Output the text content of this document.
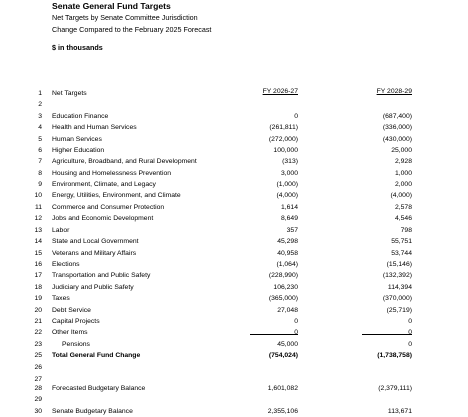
Senate General Fund Targets
Net Targets by Senate Committee Jurisdiction
Change Compared to the February 2025 Forecast
$ in thousands
FY 2026-27	FY 2028-29
1 Net Targets
2
3 Education Finance	0	(687,400)
4 Health and Human Services	(261,811)	(336,000)
5 Human Services	(272,000)	(430,000)
6 Higher Education	100,000	25,000
7 Agriculture, Broadband, and Rural Development	(313)	2,928
8 Housing and Homelessness Prevention	3,000	1,000
9 Environment, Climate, and Legacy	(1,000)	2,000
10 Energy, Utilities, Environment, and Climate	(4,000)	(4,000)
11 Commerce and Consumer Protection	1,614	2,578
12 Jobs and Economic Development	8,649	4,546
13 Labor	357	798
14 State and Local Government	45,298	55,751
15 Veterans and Military Affairs	40,958	53,744
16 Elections	(1,064)	(15,146)
17 Transportation and Public Safety	(228,990)	(132,392)
18 Judiciary and Public Safety	106,230	114,394
19 Taxes	(365,000)	(370,000)
20 Debt Service	27,048	(25,719)
21 Capital Projects	0	0
22 Other Items	0	0
23	Pensions	45,000	0
25 Total General Fund Change	(754,024)	(1,738,758)
26
27
28 Forecasted Budgetary Balance	1,601,082	(2,379,111)
29
30 Senate Budgetary Balance	2,355,106	113,671
